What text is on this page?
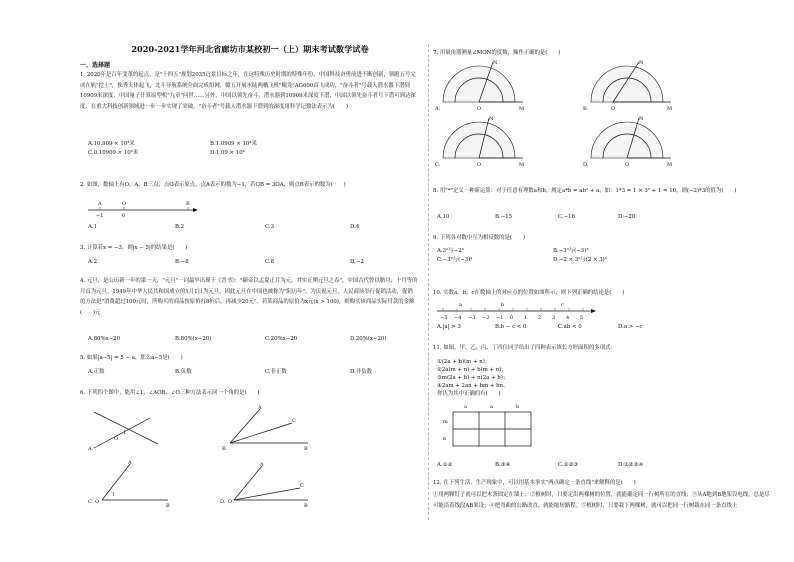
2020-2021学年河北省廊坊市某校初一（上）期末考试数学试卷
一、选择题
1. 2020年是百年变革的起点，是"十四五"规划2035远景目标之年，在这特殊历史时期的特殊年份，中国科技奋勇前进不断创新，领跑五号完成在轨"挖土"，独秀天体起飞，北斗导航系统全面完成组网，嫦五开展水陆两栖飞机"鲲龙"AG600首飞成功，"奋斗者"号载人潜水器下潜到10909米深度，中国量子计算原型机"九章"问世……另外，中国以领先奋斗，潜水器到10909米深度下潜，中国以领先奋斗者号下潜可到达深度，在重大科技创新领域进一步一步实现了突破。"奋斗者"号载人潜水器下潜到的深度用科学记数法表示为(　　)
A.10.909 × 10³米	B.1.0909 × 10⁴米
C.0.10909 × 10⁵米	D.1.09 × 10⁴
2. 如图，数轴上有O，A，B三点，点O表示原点，点A表示的数为−1，若OB = 3OA，则点B表示的数为(　　)
A	O	B
−1	0
A.1	B.2	C.3	D.4
3. 计算若x = −3，则|x − 5|的结果是(　　)
A.2	B.−8	C.8	D.−2
4. 元旦，是公历新一年的第一天，"元旦"一词最早出现于《晋书》："颛帝以孟夏正月为元，其实正朔元旦之春"，中国古代曾以腊月、十月等的月首为元旦。1949年中华人民共和国成立的1月1日为元旦，因此元旦在中国也被称为"阳历年"。为庆祝元旦，人民商场举行促销活动，促销的方法是"消费超过100元时，所购买的商品按原价打8折后，再减少20元"。若某商品的原价为x元(x > 100)，则购买该商品实际付款的金额(　　)元
A.80%x−20	B.80%(x−20)	C.20%x−20	D.20%(x−20)
5. 如果|a−5| = 5 − a，那么a−5是(　　)
A.正数	B.负数	C.非正数	D.非负数
6. 下列四个图中，能用∠1，∠AOB，∠O三种方法表示同一个角的是(　　)
O
1
A.
A
C
B
B.
A
1
O
B
C.
A
C
O
B
D.
7. 用量角器测量∠MON的度数，操作正确的是(　　)
N
O	M
A.
N
O	M
B.
N
O	M
C.
N
O	M
D.
8. 用"*"定义一种新运算：对于任意有理数a和b，规定a*b = ab² + a，如：1*3 = 1 × 3² + 1 = 10，则(−2)*3的值为(　　)
A.10	B.−15	C.−16	D.−20
9. 下列各对数中互为相反数的是(　　)
A.3²与−2³	B.−3³与(−3)³
C.−3²与(−3)²	D.−2 × 3²与(2 × 3)²
10. 实数a，b，c在数轴上的对应点的位置如图所示，则下列正确的结论是(　　)
−5 −4 −3 −2 −1 0 1 2 3 4 5
a	b	c
A.|a| > 3	B.b − c < 0	C.ab < 0	D.a > −c
11. 如图，甲、乙、丙、丁四位同学给出了四种表示该长方形面积的多项式：
①(2a + b)(m + n)；
②2a(m + n) + b(m + n)；
③m(2a + b) + n(2a + b)；
④2am + 2an + bm + bn。
你认为其中正确的有(　　)
a	a	b
m
n
A.①②	B.③④	C.①②③	D.①②③④
12. 在下列生活、生产现象中，可以用基本事实"两点确定一条直线"来解释的是(　　)
①用两颗钉子就可以把木条固定在墙上；②植树时，只要定出两棵树的位置，就能确定同一行树所在的直线；③从A地到B地架设电线，总是尽可能沿着线段AB架设；④把弯曲的公路改直，就能缩短路程。⑤植树时，只要栽下两棵树，就可以把同一行树栽在同一条直线上
